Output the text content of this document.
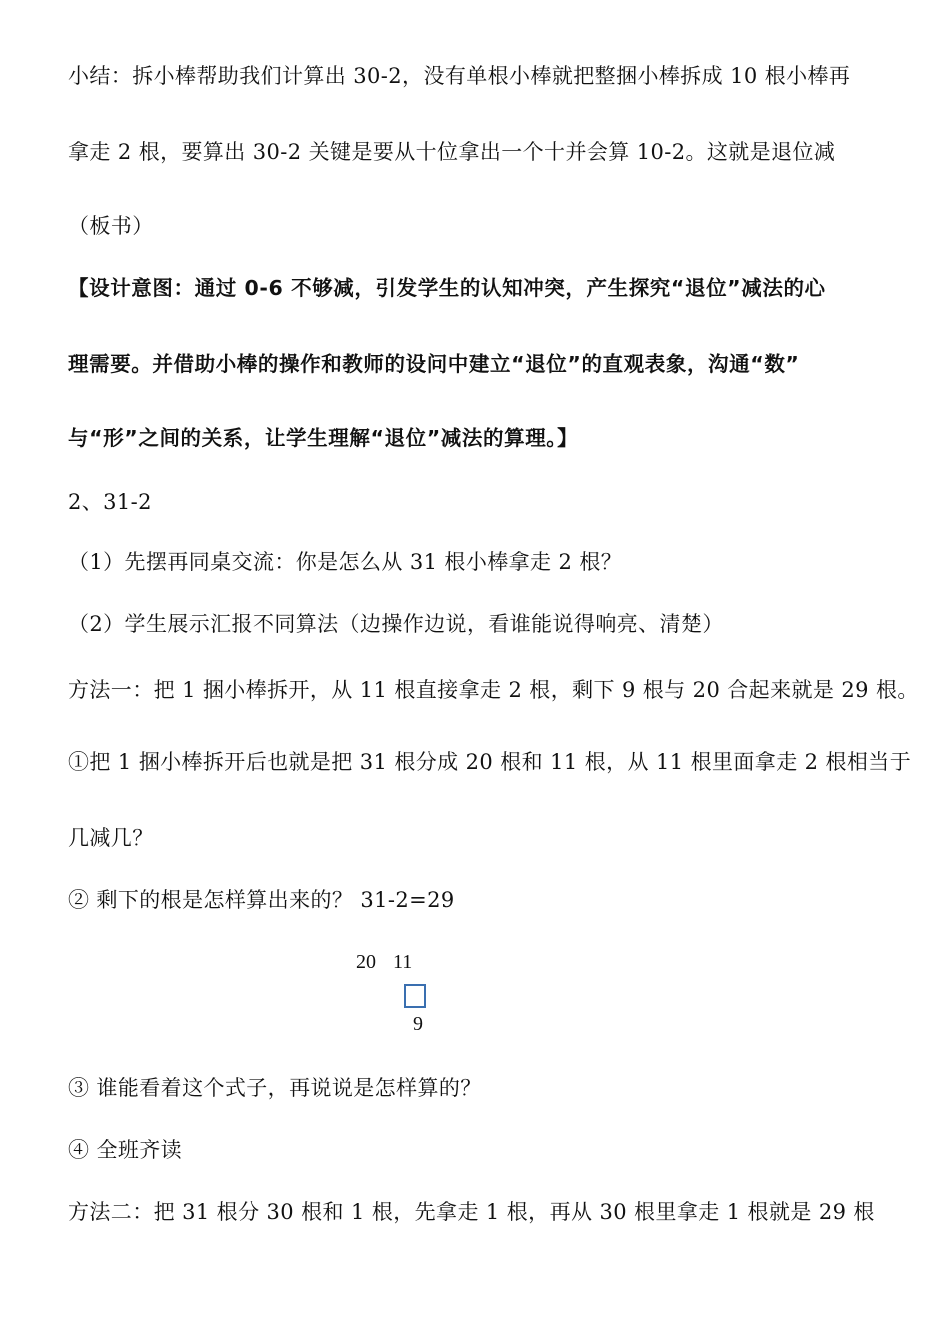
小结：拆小棒帮助我们计算出 30-2，没有单根小棒就把整捆小棒拆成 10 根小棒再
拿走 2 根，要算出 30-2 关键是要从十位拿出一个十并会算 10-2。这就是退位减
（板书）
【设计意图：通过 0-6 不够减，引发学生的认知冲突，产生探究“退位”减法的心
理需要。并借助小棒的操作和教师的设问中建立“退位”的直观表象，沟通“数”
与“形”之间的关系，让学生理解“退位”减法的算理。】
2、31-2
（1）先摆再同桌交流：你是怎么从 31 根小棒拿走 2 根？
（2）学生展示汇报不同算法（边操作边说，看谁能说得响亮、清楚）
方法一：把 1 捆小棒拆开，从 11 根直接拿走 2 根，剩下 9 根与 20 合起来就是 29 根。
①把 1 捆小棒拆开后也就是把 31 根分成 20 根和 11 根，从 11 根里面拿走 2 根相当于
几减几？
② 剩下的根是怎样算出来的？ 31-2=29
20 11
9
③ 谁能看着这个式子，再说说是怎样算的？
④ 全班齐读
方法二：把 31 根分 30 根和 1 根，先拿走 1 根，再从 30 根里拿走 1 根就是 29 根
